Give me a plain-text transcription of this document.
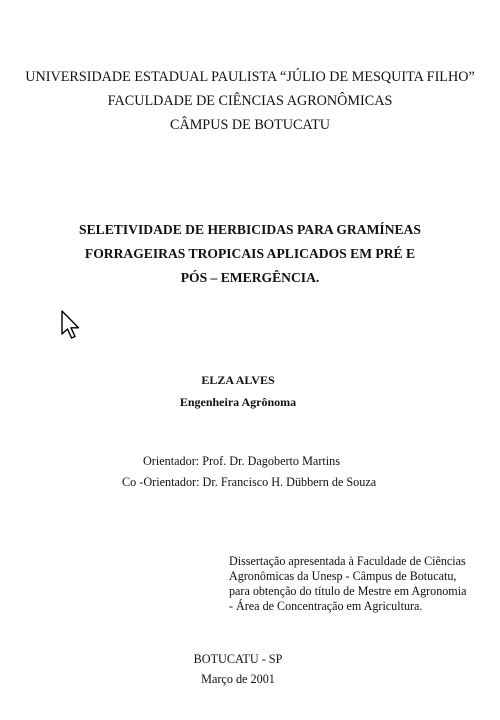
UNIVERSIDADE ESTADUAL PAULISTA “JÚLIO DE MESQUITA FILHO”
FACULDADE DE CIÊNCIAS AGRONÔMICAS
CÂMPUS DE BOTUCATU
SELETIVIDADE DE HERBICIDAS PARA GRAMÍNEAS
FORRAGEIRAS TROPICAIS APLICADOS EM PRÉ E
PÓS – EMERGÊNCIA.
ELZA ALVES
Engenheira Agrônoma
Orientador: Prof. Dr. Dagoberto Martins
Co -Orientador: Dr. Francisco H. Dübbern de Souza
Dissertação apresentada à Faculdade de Ciências
Agronômicas da Unesp - Câmpus de Botucatu,
para obtenção do título de Mestre em Agronomia
- Área de Concentração em Agricultura.
BOTUCATU - SP
Março de 2001
